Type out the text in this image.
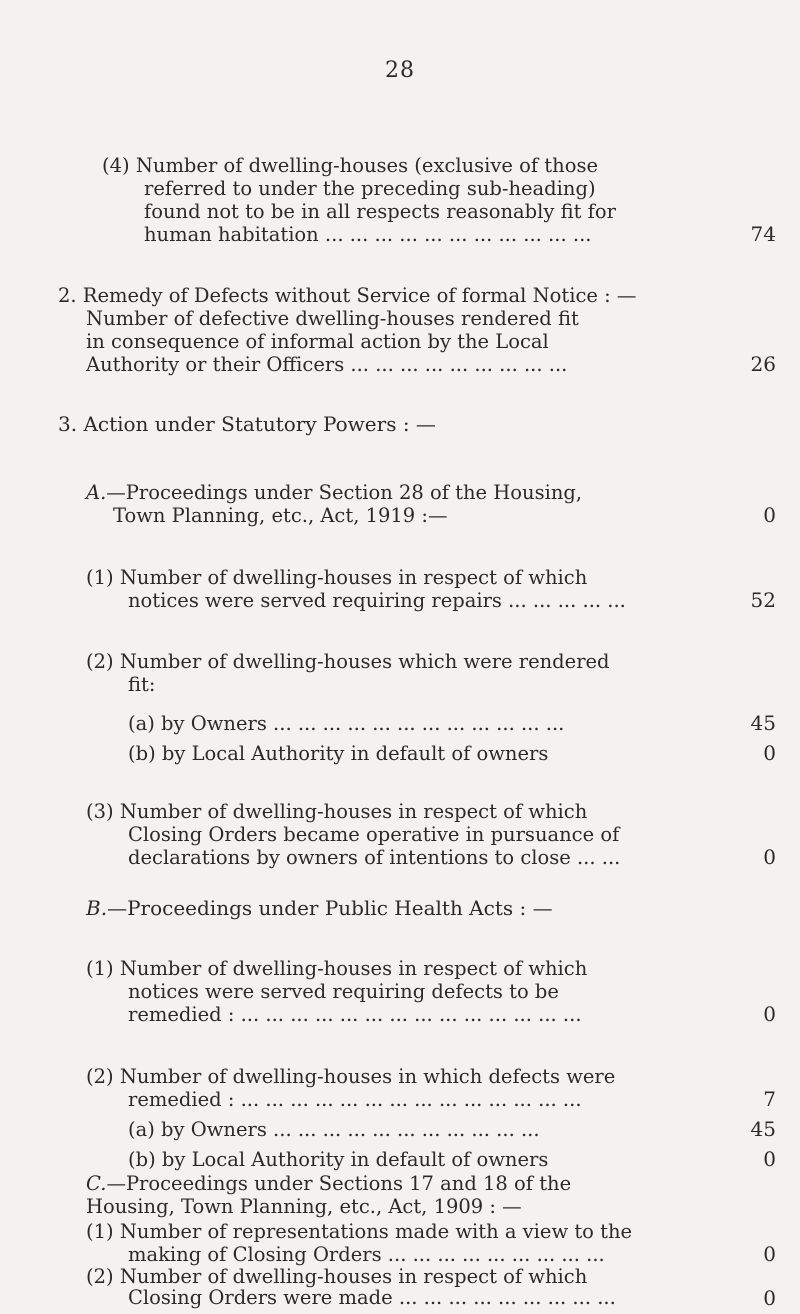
28
(4) Number of dwelling-houses (exclusive of those
referred to under the preceding sub-heading)
found not to be in all respects reasonably fit for
human habitation ... ... ... ... ... ... ... ... ... ... ...	74
2. Remedy of Defects without Service of formal Notice : —
Number of defective dwelling-houses rendered fit
in consequence of informal action by the Local
Authority or their Officers ... ... ... ... ... ... ... ... ...	26
3. Action under Statutory Powers : —
A.—Proceedings under Section 28 of the Housing,
Town Planning, etc., Act, 1919 :—	0
(1) Number of dwelling-houses in respect of which
notices were served requiring repairs ... ... ... ... ...	52
(2) Number of dwelling-houses which were rendered
fit:
(a) by Owners ... ... ... ... ... ... ... ... ... ... ... ...	45
(b) by Local Authority in default of owners	0
(3) Number of dwelling-houses in respect of which
Closing Orders became operative in pursuance of
declarations by owners of intentions to close ... ...	0
B.—Proceedings under Public Health Acts : —
(1) Number of dwelling-houses in respect of which
notices were served requiring defects to be
remedied : ... ... ... ... ... ... ... ... ... ... ... ... ... ...	0
(2) Number of dwelling-houses in which defects were
remedied : ... ... ... ... ... ... ... ... ... ... ... ... ... ...	7
(a) by Owners ... ... ... ... ... ... ... ... ... ... ...	45
(b) by Local Authority in default of owners	0
C.—Proceedings under Sections 17 and 18 of the
Housing, Town Planning, etc., Act, 1909 : —
(1) Number of representations made with a view to the
making of Closing Orders ... ... ... ... ... ... ... ... ...	0
(2) Number of dwelling-houses in respect of which
Closing Orders were made ... ... ... ... ... ... ... ... ...	0
